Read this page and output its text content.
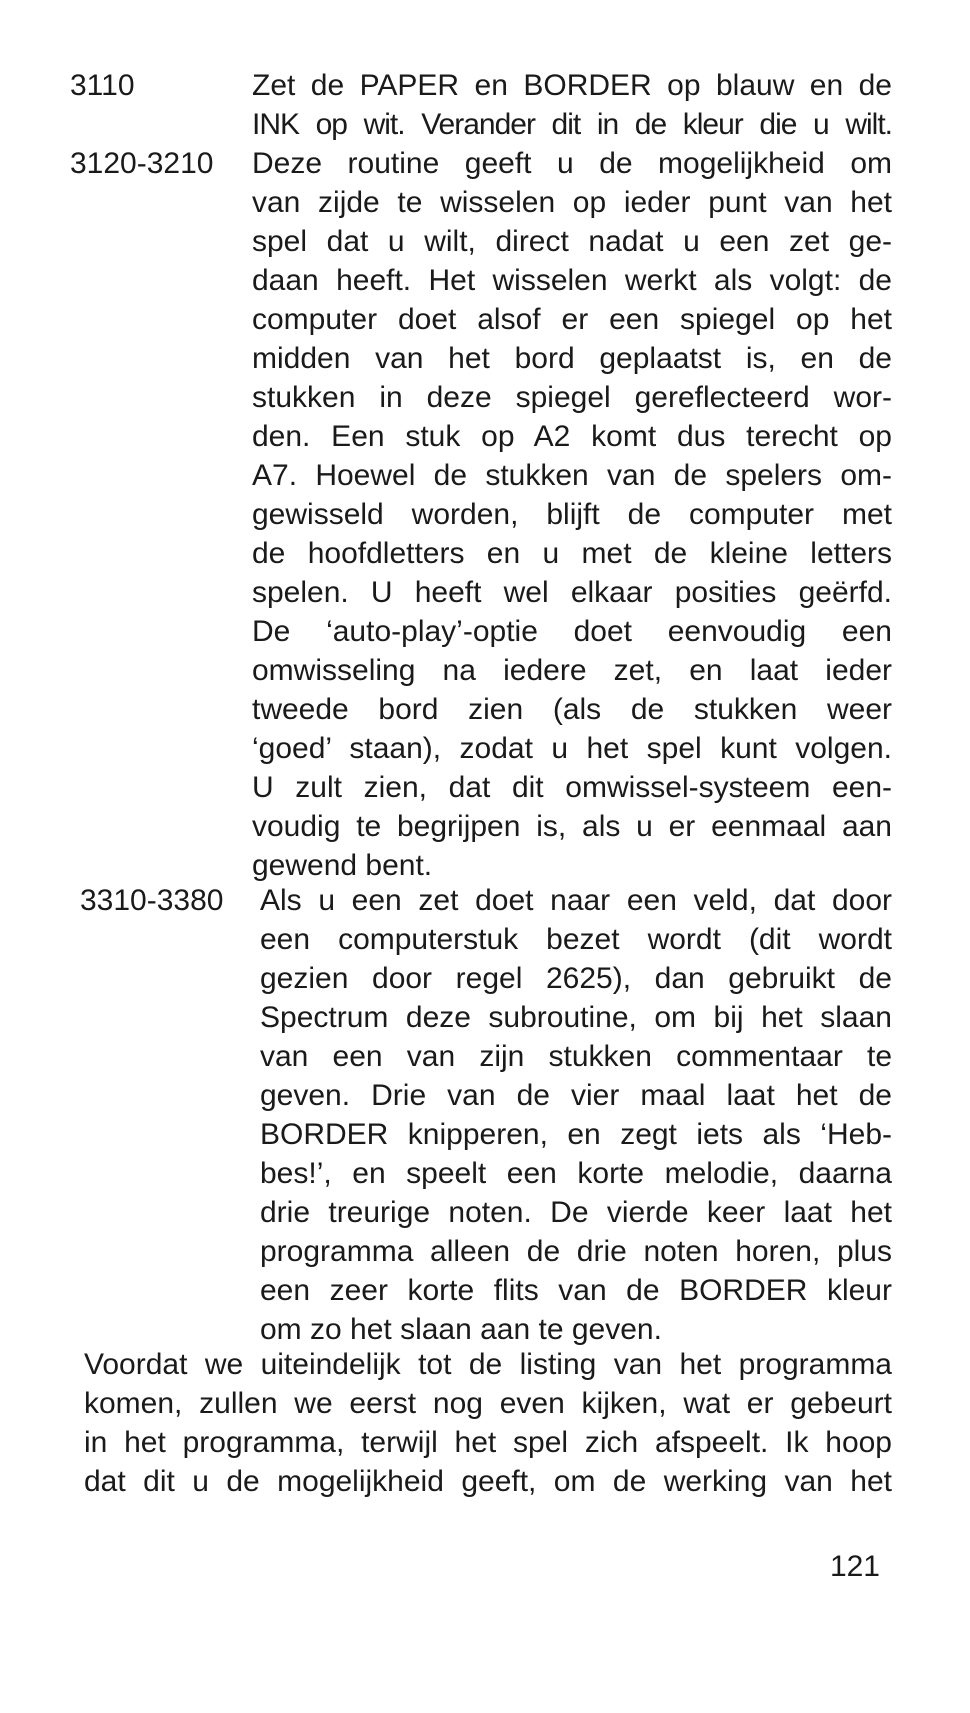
3110	Zet de PAPER en BORDER op blauw en de
INK op wit. Verander dit in de kleur die u wilt.
3120-3210 Deze routine geeft u de mogelijkheid om
van zijde te wisselen op ieder punt van het
spel dat u wilt, direct nadat u een zet ge-
daan heeft. Het wisselen werkt als volgt: de
computer doet alsof er een spiegel op het
midden van het bord geplaatst is, en de
stukken in deze spiegel gereflecteerd wor-
den. Een stuk op A2 komt dus terecht op
A7. Hoewel de stukken van de spelers om-
gewisseld worden, blijft de computer met
de hoofdletters en u met de kleine letters
spelen. U heeft wel elkaar posities geërfd.
De ‘auto-play’-optie doet eenvoudig een
omwisseling na iedere zet, en laat ieder
tweede bord zien (als de stukken weer
‘goed’ staan), zodat u het spel kunt volgen.
U zult zien, dat dit omwissel-systeem een-
voudig te begrijpen is, als u er eenmaal aan
gewend bent.
3310-3380 Als u een zet doet naar een veld, dat door
een computerstuk bezet wordt (dit wordt
gezien door regel 2625), dan gebruikt de
Spectrum deze subroutine, om bij het slaan
van een van zijn stukken commentaar te
geven. Drie van de vier maal laat het de
BORDER knipperen, en zegt iets als ‘Heb-
bes!’, en speelt een korte melodie, daarna
drie treurige noten. De vierde keer laat het
programma alleen de drie noten horen, plus
een zeer korte flits van de BORDER kleur
om zo het slaan aan te geven.
Voordat we uiteindelijk tot de listing van het programma
komen, zullen we eerst nog even kijken, wat er gebeurt
in het programma, terwijl het spel zich afspeelt. Ik hoop
dat dit u de mogelijkheid geeft, om de werking van het
121
